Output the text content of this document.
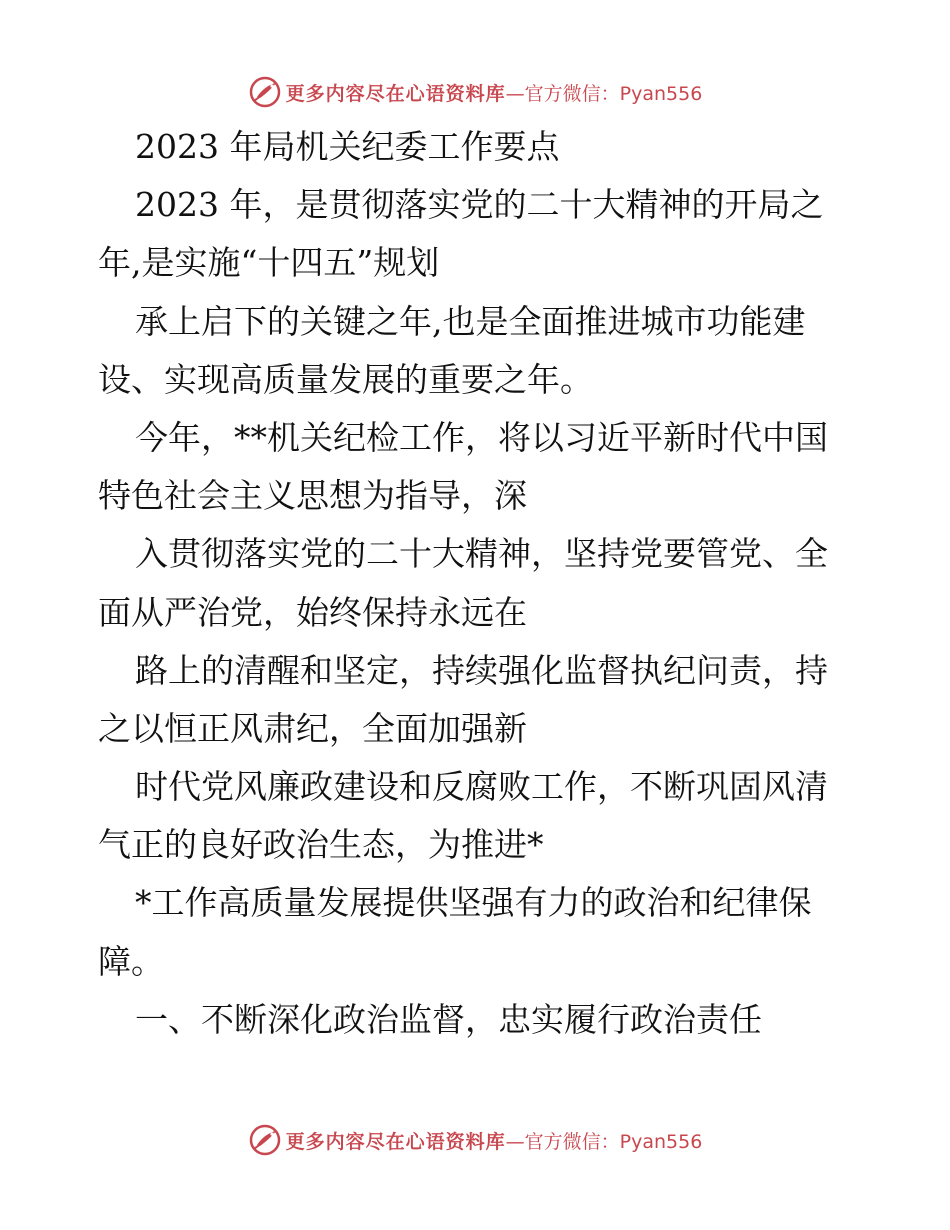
更多内容尽在心语资料库 —官方微信：Pyan556
2023 年局机关纪委工作要点
2023 年，是贯彻落实党的二十大精神的开局之
年,是实施“十四五”规划
承上启下的关键之年,也是全面推进城市功能建
设、实现高质量发展的重要之年。
今年，**机关纪检工作，将以习近平新时代中国
特色社会主义思想为指导，深
入贯彻落实党的二十大精神，坚持党要管党、全
面从严治党，始终保持永远在
路上的清醒和坚定，持续强化监督执纪问责，持
之以恒正风肃纪，全面加强新
时代党风廉政建设和反腐败工作，不断巩固风清
气正的良好政治生态，为推进*
*工作高质量发展提供坚强有力的政治和纪律保
障。
一、不断深化政治监督，忠实履行政治责任
更多内容尽在心语资料库 —官方微信：Pyan556
